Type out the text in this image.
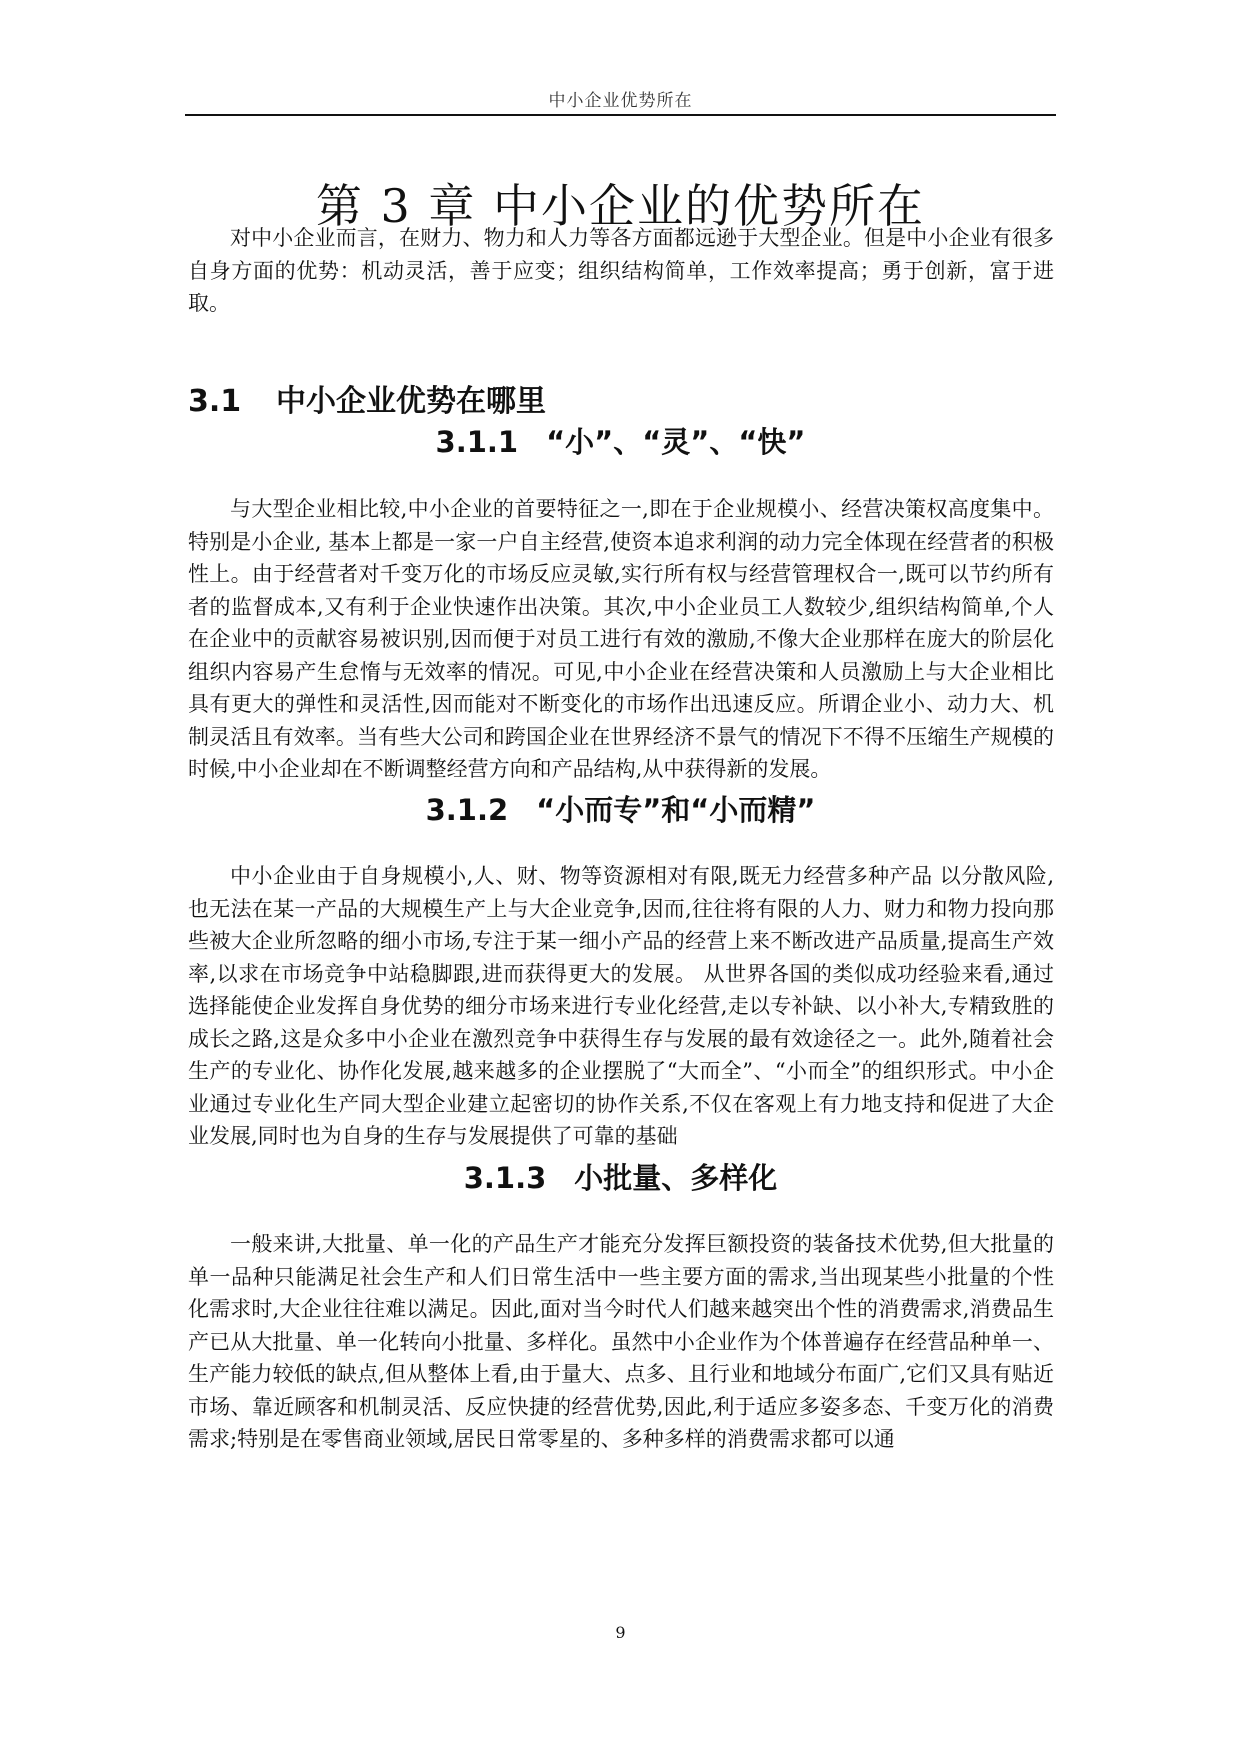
中小企业优势所在
第 3 章 中小企业的优势所在

对中小企业而言，在财力、物力和人力等各方面都远逊于大型企业。但是中小企业有很多自身方面的优势：机动灵活，善于应变；组织结构简单，工作效率提高；勇于创新，富于进取。

3.1 中小企业优势在哪里
3.1.1 “小”、“灵”、“快”

与大型企业相比较,中小企业的首要特征之一,即在于企业规模小、经营决策权高度集中。特别是小企业, 基本上都是一家一户自主经营,使资本追求利润的动力完全体现在经营者的积极性上。由于经营者对千变万化的市场反应灵敏,实行所有权与经营管理权合一,既可以节约所有者的监督成本,又有利于企业快速作出决策。其次,中小企业员工人数较少,组织结构简单,个人在企业中的贡献容易被识别,因而便于对员工进行有效的激励,不像大企业那样在庞大的阶层化组织内容易产生怠惰与无效率的情况。可见,中小企业在经营决策和人员激励上与大企业相比具有更大的弹性和灵活性,因而能对不断变化的市场作出迅速反应。所谓企业小、动力大、机制灵活且有效率。当有些大公司和跨国企业在世界经济不景气的情况下不得不压缩生产规模的时候,中小企业却在不断调整经营方向和产品结构,从中获得新的发展。

3.1.2 “小而专”和“小而精”

中小企业由于自身规模小,人、财、物等资源相对有限,既无力经营多种产品 以分散风险,也无法在某一产品的大规模生产上与大企业竞争,因而,往往将有限的人力、财力和物力投向那些被大企业所忽略的细小市场,专注于某一细小产品的经营上来不断改进产品质量,提高生产效率,以求在市场竞争中站稳脚跟,进而获得更大的发展。 从世界各国的类似成功经验来看,通过选择能使企业发挥自身优势的细分市场来进行专业化经营,走以专补缺、以小补大,专精致胜的成长之路,这是众多中小企业在激烈竞争中获得生存与发展的最有效途径之一。此外,随着社会生产的专业化、协作化发展,越来越多的企业摆脱了“大而全”、“小而全”的组织形式。中小企业通过专业化生产同大型企业建立起密切的协作关系,不仅在客观上有力地支持和促进了大企业发展,同时也为自身的生存与发展提供了可靠的基础

3.1.3 小批量、多样化

一般来讲,大批量、单一化的产品生产才能充分发挥巨额投资的装备技术优势,但大批量的单一品种只能满足社会生产和人们日常生活中一些主要方面的需求,当出现某些小批量的个性化需求时,大企业往往难以满足。因此,面对当今时代人们越来越突出个性的消费需求,消费品生产已从大批量、单一化转向小批量、多样化。虽然中小企业作为个体普遍存在经营品种单一、生产能力较低的缺点,但从整体上看,由于量大、点多、且行业和地域分布面广,它们又具有贴近市场、靠近顾客和机制灵活、反应快捷的经营优势,因此,利于适应多姿多态、千变万化的消费需求;特别是在零售商业领域,居民日常零星的、多种多样的消费需求都可以通

9
